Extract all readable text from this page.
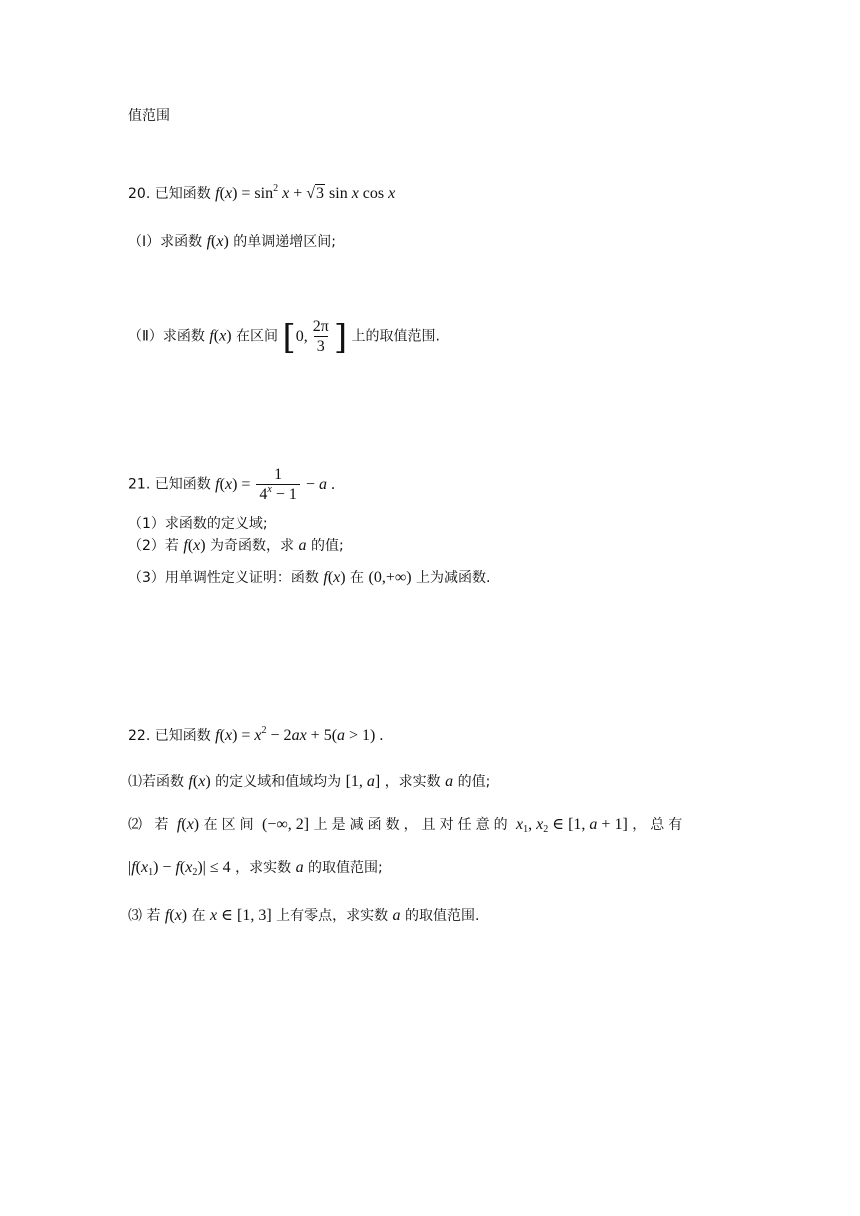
值范围
20. 已知函数 $f(x) = \sin^2 x + √3$ sin x cos x
（Ⅰ）求函数 f(x) 的单调递增区间;
（Ⅱ）求函数 f(x) 在区间 [0, $\frac{2\pi}{3}$ ] 上的取值范围.
21. 已知函数 $f(x) = \frac{1}{4^x - 1} - a$ .
（1）求函数的定义域;
（2）若 f(x) 为奇函数，求 a 的值;
（3）用单调性定义证明：函数 f(x) 在 (0,+∞) 上为减函数.
22. 已知函数 $f(x) = x^2 - 2ax + 5(a > 1)$ .
⑴若函数 f(x) 的定义域和值域均为 [1, a] ，求实数 a 的值;
⑵ 若 f(x) 在区间 (−∞, 2] 上是减函数，且对任意的 $x_1$, $x_2$ ∈ [1, a + 1] ，总有
$|f(x_1) - f(x_2)| \le 4$ ，求实数 a 的取值范围;
⑶ 若 f(x) 在 x ∈ [1, 3] 上有零点，求实数 a 的取值范围.
